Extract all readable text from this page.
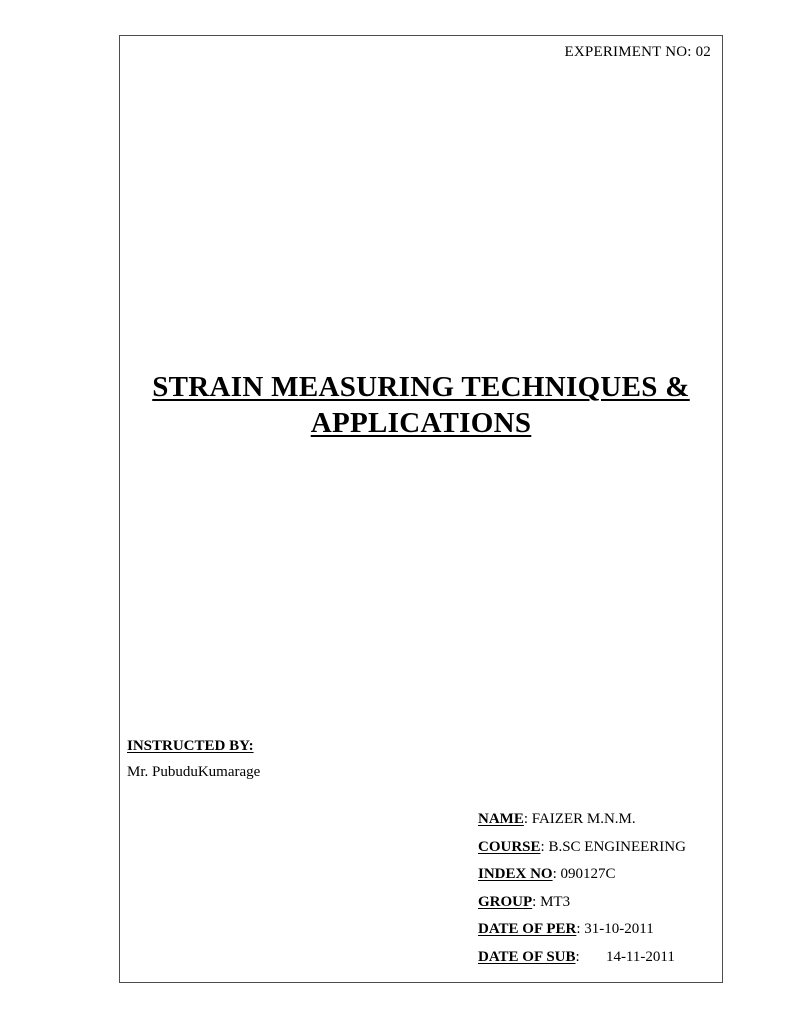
EXPERIMENT NO: 02
STRAIN MEASURING TECHNIQUES &
APPLICATIONS
INSTRUCTED BY:
Mr. PubuduKumarage
NAME: FAIZER M.N.M.
COURSE: B.SC ENGINEERING
INDEX NO: 090127C
GROUP: MT3
DATE OF PER: 31-10-2011
DATE OF SUB:       14-11-2011
